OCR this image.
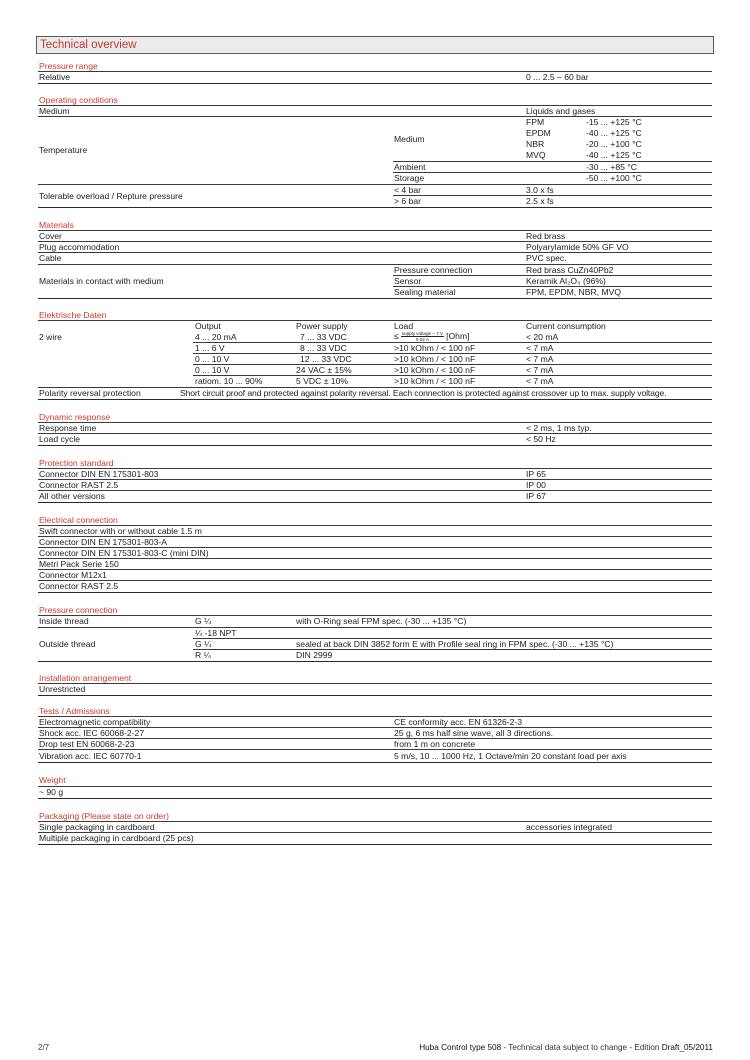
Technical overview
Pressure range
Relative	0 ... 2.5 – 60 bar
Operating conditions
Medium	Liquids and gases
Temperature
Medium
FPM	-15 ... +125 °C
EPDM	-40 ... +125 °C
NBR	-20 ... +100 °C
MVQ	-40 ... +125 °C
Ambient	-30 ... +85 °C
Storage	-50 ... +100 °C
Tolerable overload / Repture pressure
< 4 bar	3.0 x fs
> 6 bar	2.5 x fs
Materials
Cover	Red brass
Plug accommodation	Polyarylamide 50% GF VO
Cable	PVC spec.
Materials in contact with medium
Pressure connection	Red brass CuZn40Pb2
Sensor	Keramik Al₂O₃ (96%)
Sealing material	FPM, EPDM, NBR, MVQ
Elektrische Daten
Output	Power supply	Load	Current consumption
2 wire	4 ... 20 mA	7 ... 33 VDC	≤ $\frac{\text{supply voltage – 7 V}}{0.02 A} [Ohm]$	< 20 mA
1 ... 6 V	8 ... 33 VDC	>10 kOhm / < 100 nF	< 7 mA
0 ... 10 V	12 ... 33 VDC	>10 kOhm / < 100 nF	< 7 mA
0 ... 10 V	24 VAC ± 15%	>10 kOhm / < 100 nF	< 7 mA
ratiom. 10 ... 90%	5 VDC ± 10%	>10 kOhm / < 100 nF	< 7 mA
Polarity reversal protection	Short circuit proof and protected against polarity reversal. Each connection is protected against crossover up to max. supply voltage.
Dynamic response
Response time	< 2 ms, 1 ms typ.
Load cycle	< 50 Hz
Protection standard
Connector DIN EN 175301-803	IP 65
Connector RAST 2.5	IP 00
All other versions	IP 67
Electrical connection
Swift connector with or without cable 1.5 m
Connector DIN EN 175301-803-A
Connector DIN EN 175301-803-C (mini DIN)
Metri Pack Serie 150
Connector M12x1
Connector RAST 2.5
Pressure connection
Inside thread	G ¼	with O-Ring seal FPM spec. (-30 ... +135 °C)
Outside thread
¼ -18 NPT
G ¼	sealed at back DIN 3852 form E with Profile seal ring in FPM spec. (-30 ... +135 °C)
R ¼	DIN 2999
Installation arrangement
Unrestricted
Tests / Admissions
Electromagnetic compatibility	CE conformity acc. EN 61326-2-3
Shock acc. IEC 60068-2-27	25 g, 6 ms half sine wave, all 3 directions.
Drop test EN 60068-2-23	from 1 m on concrete
Vibration acc. IEC 60770-1	5 m/s, 10 ... 1000 Hz, 1 Octave/min 20 constant load per axis
Weight
~ 90 g
Packaging (Please state on order)
Single packaging in cardboard	accessories integrated
Multiple packaging in cardboard (25 pcs)
2/7	Huba Control type 508 - Technical data subject to change - Edition Draft_05/2011
